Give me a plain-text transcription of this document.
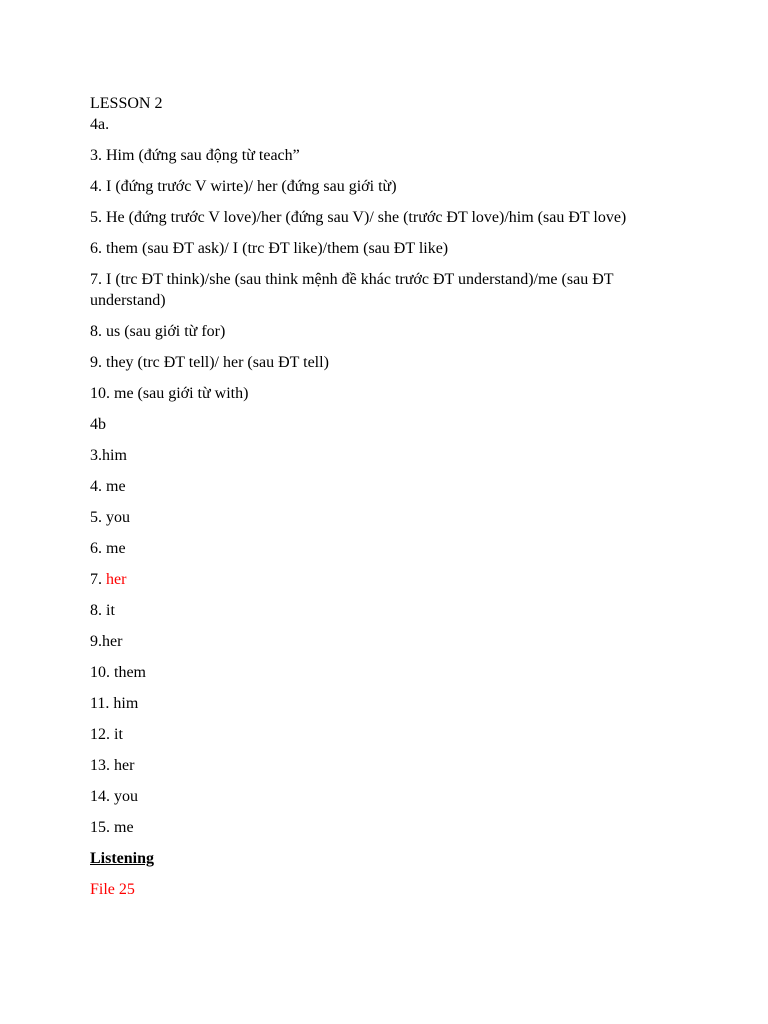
LESSON 2
4a.
3. Him (đứng sau động từ teach”
4. I (đứng trước V wirte)/ her (đứng sau giới từ)
5. He (đứng trước V love)/her (đứng sau V)/ she (trước ĐT love)/him (sau ĐT love)
6. them (sau ĐT ask)/ I (trc ĐT like)/them (sau ĐT like)
7. I (trc ĐT think)/she (sau think mệnh đề khác trước ĐT understand)/me (sau ĐT understand)
8. us (sau giới từ for)
9. they (trc ĐT tell)/ her (sau ĐT tell)
10. me (sau giới từ with)
4b
3.him
4. me
5. you
6. me
7. her
8. it
9.her
10. them
11. him
12. it
13. her
14. you
15. me
Listening
File 25
